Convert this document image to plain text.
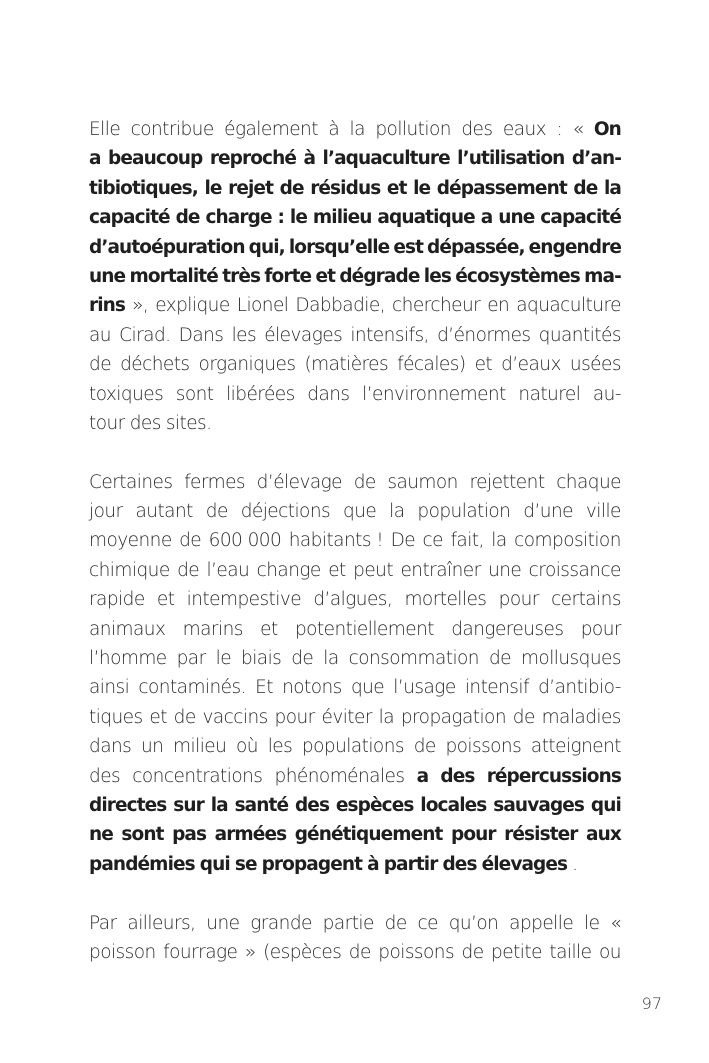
Elle contribue également à la pollution des eaux : « On
a beaucoup reproché à l’aquaculture l’utilisation d’an-
tibiotiques, le rejet de résidus et le dépassement de la
capacité de charge : le milieu aquatique a une capacité
d’autoépuration qui, lorsqu’elle est dépassée, engendre
une mortalité très forte et dégrade les écosystèmes ma-
rins », explique Lionel Dabbadie, chercheur en aquaculture
au Cirad. Dans les élevages intensifs, d’énormes quantités
de déchets organiques (matières fécales) et d’eaux usées
toxiques sont libérées dans l’environnement naturel au-
tour des sites.
Certaines fermes d’élevage de saumon rejettent chaque
jour autant de déjections que la population d’une ville
moyenne de 600 000 habitants ! De ce fait, la composition
chimique de l’eau change et peut entraîner une croissance
rapide et intempestive d’algues, mortelles pour certains
animaux marins et potentiellement dangereuses pour
l’homme par le biais de la consommation de mollusques
ainsi contaminés. Et notons que l’usage intensif d’antibio-
tiques et de vaccins pour éviter la propagation de maladies
dans un milieu où les populations de poissons atteignent
des concentrations phénoménales a des répercussions
directes sur la santé des espèces locales sauvages qui
ne sont pas armées génétiquement pour résister aux
pandémies qui se propagent à partir des élevages .
Par ailleurs, une grande partie de ce qu’on appelle le «
poisson fourrage » (espèces de poissons de petite taille ou
97
